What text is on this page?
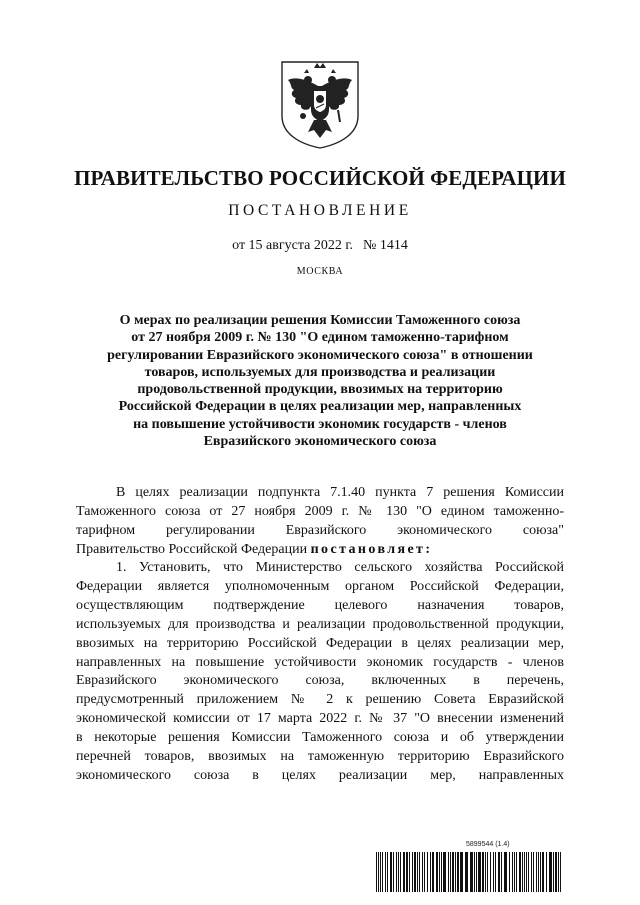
ПРАВИТЕЛЬСТВО РОССИЙСКОЙ ФЕДЕРАЦИИ
ПОСТАНОВЛЕНИЕ
от 15 августа 2022 г. № 1414
МОСКВА
О мерах по реализации решения Комиссии Таможенного союза
от 27 ноября 2009 г. № 130 "О едином таможенно-тарифном
регулировании Евразийского экономического союза" в отношении
товаров, используемых для производства и реализации
продовольственной продукции, ввозимых на территорию
Российской Федерации в целях реализации мер, направленных
на повышение устойчивости экономик государств - членов
Евразийского экономического союза
В целях реализации подпункта 7.1.40 пункта 7 решения Комиссии
Таможенного союза от 27 ноября 2009 г. № 130 "О едином таможенно-
тарифном регулировании Евразийского экономического союза"
Правительство Российской Федерации постановляет:
1. Установить, что Министерство сельского хозяйства Российской
Федерации является уполномоченным органом Российской Федерации,
осуществляющим подтверждение целевого назначения товаров,
используемых для производства и реализации продовольственной продукции,
ввозимых на территорию Российской Федерации в целях реализации мер,
направленных на повышение устойчивости экономик государств - членов
Евразийского экономического союза, включенных в перечень,
предусмотренный приложением № 2 к решению Совета Евразийской
экономической комиссии от 17 марта 2022 г. № 37 "О внесении изменений
в некоторые решения Комиссии Таможенного союза и об утверждении
перечней товаров, ввозимых на таможенную территорию Евразийского
экономического союза в целях реализации мер, направленных
5899544 (1.4)
